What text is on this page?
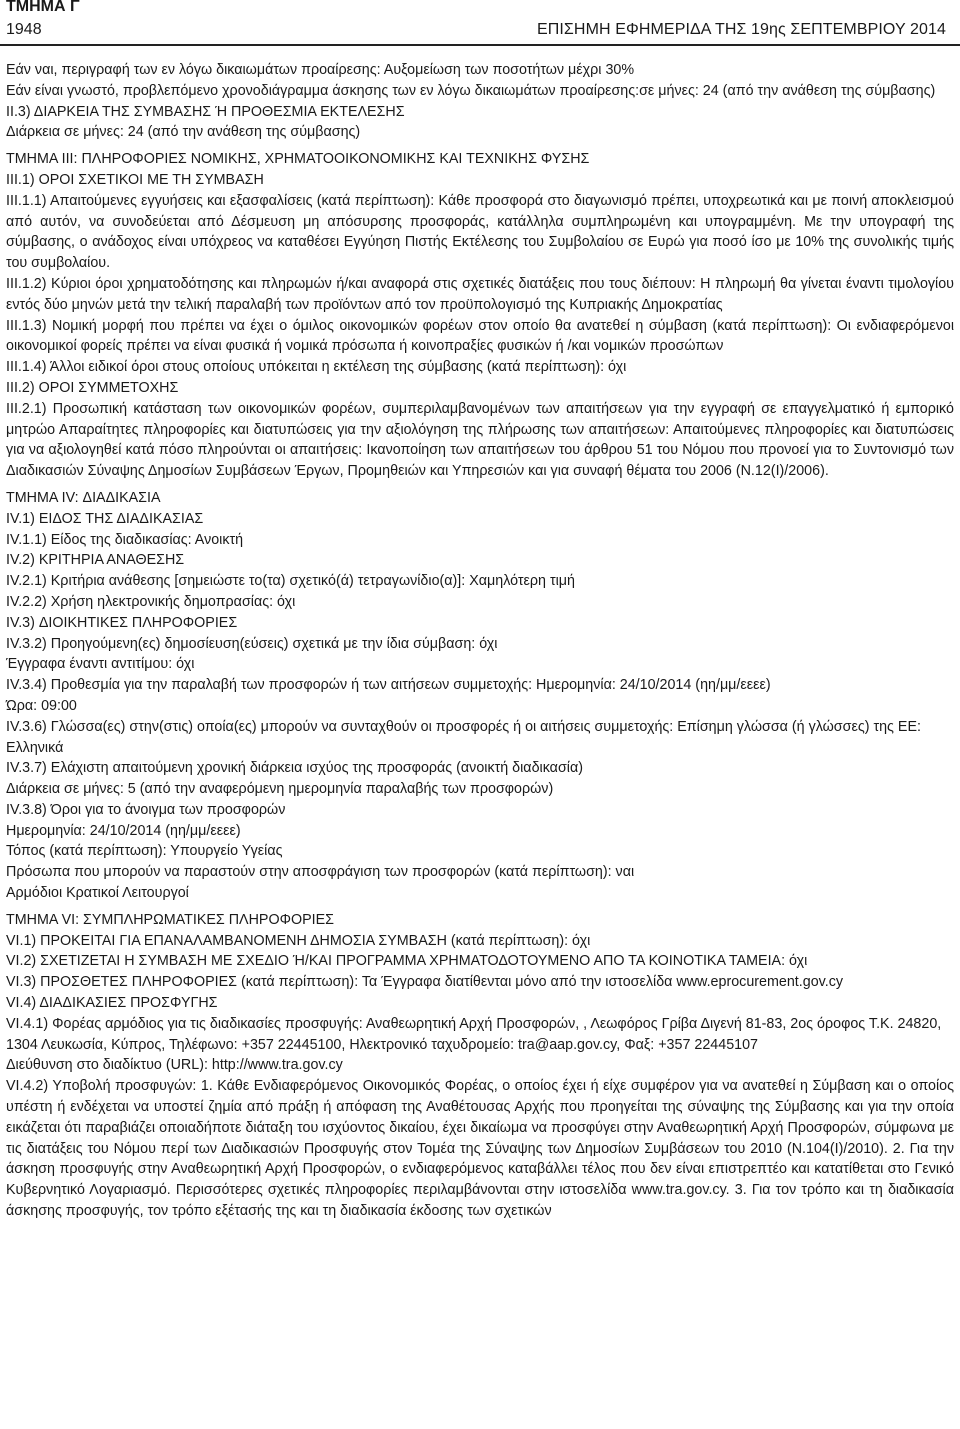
ΤΜΗΜΑ Γ
1948	ΕΠΙΣΗΜΗ ΕΦΗΜΕΡΙΔΑ ΤΗΣ 19ης ΣΕΠΤΕΜΒΡΙΟΥ 2014

Εάν ναι, περιγραφή των εν λόγω δικαιωμάτων προαίρεσης: Αυξομείωση των ποσοτήτων μέχρι 30%

Εάν είναι γνωστό, προβλεπόμενο χρονοδιάγραμμα άσκησης των εν λόγω δικαιωμάτων προαίρεσης:σε μήνες: 24 (από την ανάθεση της σύμβασης)

ΙΙ.3) ΔΙΑΡΚΕΙΑ ΤΗΣ ΣΥΜΒΑΣΗΣ Ή ΠΡΟΘΕΣΜΙΑ ΕΚΤΕΛΕΣΗΣ

Διάρκεια σε μήνες: 24 (από την ανάθεση της σύμβασης)

ΤΜΗΜΑ III: ΠΛΗΡΟΦΟΡΙΕΣ ΝΟΜΙΚΗΣ, ΧΡΗΜΑΤΟΟΙΚΟΝΟΜΙΚΗΣ ΚΑΙ ΤΕΧΝΙΚΗΣ ΦΥΣΗΣ

ΙΙΙ.1) ΟΡΟΙ ΣΧΕΤΙΚΟΙ ΜΕ ΤΗ ΣΥΜΒΑΣΗ

ΙΙΙ.1.1) Απαιτούμενες εγγυήσεις και εξασφαλίσεις (κατά περίπτωση): Κάθε προσφορά στο διαγωνισμό πρέπει, υποχρεωτικά και με ποινή αποκλεισμού από αυτόν, να συνοδεύεται από Δέσμευση μη απόσυρσης προσφοράς, κατάλληλα συμπληρωμένη και υπογραμμένη. Με την υπογραφή της σύμβασης, ο ανάδοχος είναι υπόχρεος να καταθέσει Εγγύηση Πιστής Εκτέλεσης του Συμβολαίου σε Ευρώ για ποσό ίσο με 10% της συνολικής τιμής του συμβολαίου.

ΙΙΙ.1.2) Κύριοι όροι χρηματοδότησης και πληρωμών ή/και αναφορά στις σχετικές διατάξεις που τους διέπουν: Η πληρωμή θα γίνεται έναντι τιμολογίου εντός δύο μηνών μετά την τελική παραλαβή των προϊόντων από τον προϋπολογισμό της Κυπριακής Δημοκρατίας

ΙΙΙ.1.3) Νομική μορφή που πρέπει να έχει ο όμιλος οικονομικών φορέων στον οποίο θα ανατεθεί η σύμβαση (κατά περίπτωση): Οι ενδιαφερόμενοι οικονομικοί φορείς πρέπει να είναι φυσικά ή νομικά πρόσωπα ή κοινοπραξίες φυσικών ή /και νομικών προσώπων

ΙΙΙ.1.4) Άλλοι ειδικοί όροι στους οποίους υπόκειται η εκτέλεση της σύμβασης (κατά περίπτωση): όχι

ΙΙΙ.2) ΟΡΟΙ ΣΥΜΜΕΤΟΧΗΣ

ΙΙΙ.2.1) Προσωπική κατάσταση των οικονομικών φορέων, συμπεριλαμβανομένων των απαιτήσεων για την εγγραφή σε επαγγελματικό ή εμπορικό μητρώο Απαραίτητες πληροφορίες και διατυπώσεις για την αξιολόγηση της πλήρωσης των απαιτήσεων: Απαιτούμενες πληροφορίες και διατυπώσεις για να αξιολογηθεί κατά πόσο πληρούνται οι απαιτήσεις: Ικανοποίηση των απαιτήσεων του άρθρου 51 του Νόμου που προνοεί για το Συντονισμό των Διαδικασιών Σύναψης Δημοσίων Συμβάσεων Έργων, Προμηθειών και Υπηρεσιών και για συναφή θέματα του 2006 (Ν.12(Ι)/2006).

ΤΜΗΜΑ IV: ΔΙΑΔΙΚΑΣΙΑ

ΙV.1) ΕΙΔΟΣ ΤΗΣ ΔΙΑΔΙΚΑΣΙΑΣ

ΙV.1.1) Είδος της διαδικασίας: Ανοικτή

ΙV.2) ΚΡΙΤΗΡΙΑ ΑΝΑΘΕΣΗΣ

ΙV.2.1) Κριτήρια ανάθεσης [σημειώστε το(τα) σχετικό(ά) τετραγωνίδιο(α)]: Χαμηλότερη τιμή

ΙV.2.2) Χρήση ηλεκτρονικής δημοπρασίας: όχι

ΙV.3) ΔΙΟΙΚΗΤΙΚΕΣ ΠΛΗΡΟΦΟΡΙΕΣ

ΙV.3.2) Προηγούμενη(ες) δημοσίευση(εύσεις) σχετικά με την ίδια σύμβαση: όχι

Έγγραφα έναντι αντιτίμου: όχι

ΙV.3.4) Προθεσμία για την παραλαβή των προσφορών ή των αιτήσεων συμμετοχής: Ημερομηνία: 24/10/2014 (ηη/μμ/εεεε)

Ώρα: 09:00

ΙV.3.6) Γλώσσα(ες) στην(στις) οποία(ες) μπορούν να συνταχθούν οι προσφορές ή οι αιτήσεις συμμετοχής: Επίσημη γλώσσα (ή γλώσσες) της ΕΕ:

Ελληνικά

ΙV.3.7) Ελάχιστη απαιτούμενη χρονική διάρκεια ισχύος της προσφοράς (ανοικτή διαδικασία)

Διάρκεια σε μήνες: 5 (από την αναφερόμενη ημερομηνία παραλαβής των προσφορών)

ΙV.3.8) Όροι για το άνοιγμα των προσφορών

Ημερομηνία: 24/10/2014 (ηη/μμ/εεεε)

Τόπος (κατά περίπτωση): Υπουργείο Υγείας

Πρόσωπα που μπορούν να παραστούν στην αποσφράγιση των προσφορών (κατά περίπτωση): ναι

Αρμόδιοι Κρατικοί Λειτουργοί

ΤΜΗΜΑ VΙ: ΣΥΜΠΛΗΡΩΜΑΤΙΚΕΣ ΠΛΗΡΟΦΟΡΙΕΣ

VΙ.1) ΠΡΟΚΕΙΤΑΙ ΓΙΑ ΕΠΑΝΑΛΑΜΒΑΝΟΜΕΝΗ ΔΗΜΟΣΙΑ ΣΥΜΒΑΣΗ (κατά περίπτωση): όχι

VΙ.2) ΣΧΕΤΙΖΕΤΑΙ Η ΣΥΜΒΑΣΗ ΜΕ ΣΧΕΔΙΟ Ή/ΚΑΙ ΠΡΟΓΡΑΜΜΑ ΧΡΗΜΑΤΟΔΟΤΟΥΜΕΝΟ ΑΠΟ ΤΑ ΚΟΙΝΟΤΙΚΑ ΤΑΜΕΙΑ: όχι

VΙ.3) ΠΡΟΣΘΕΤΕΣ ΠΛΗΡΟΦΟΡΙΕΣ (κατά περίπτωση): Τα Έγγραφα διατίθενται μόνο από την ιστοσελίδα www.eprocurement.gov.cy

VΙ.4) ΔΙΑΔΙΚΑΣΙΕΣ ΠΡΟΣΦΥΓΗΣ

VΙ.4.1) Φορέας αρμόδιος για τις διαδικασίες προσφυγής: Αναθεωρητική Αρχή Προσφορών, , Λεωφόρος Γρίβα Διγενή 81-83, 2ος όροφος Τ.Κ. 24820, 1304 Λευκωσία, Κύπρος, Τηλέφωνο: +357 22445100, Ηλεκτρονικό ταχυδρομείο: tra@aap.gov.cy, Φαξ: +357 22445107

Διεύθυνση στο διαδίκτυο (URL): http://www.tra.gov.cy

VΙ.4.2) Υποβολή προσφυγών: 1. Κάθε Ενδιαφερόμενος Οικονομικός Φορέας, ο οποίος έχει ή είχε συμφέρον για να ανατεθεί η Σύμβαση και ο οποίος υπέστη ή ενδέχεται να υποστεί ζημία από πράξη ή απόφαση της Αναθέτουσας Αρχής που προηγείται της σύναψης της Σύμβασης και για την οποία εικάζεται ότι παραβιάζει οποιαδήποτε διάταξη του ισχύοντος δικαίου, έχει δικαίωμα να προσφύγει στην Αναθεωρητική Αρχή Προσφορών, σύμφωνα με τις διατάξεις του Νόμου περί των Διαδικασιών Προσφυγής στον Τομέα της Σύναψης των Δημοσίων Συμβάσεων του 2010 (Ν.104(Ι)/2010). 2. Για την άσκηση προσφυγής στην Αναθεωρητική Αρχή Προσφορών, ο ενδιαφερόμενος καταβάλλει τέλος που δεν είναι επιστρεπτέο και κατατίθεται στο Γενικό Κυβερνητικό Λογαριασμό. Περισσότερες σχετικές πληροφορίες περιλαμβάνονται στην ιστοσελίδα www.tra.gov.cy. 3. Για τον τρόπο και τη διαδικασία άσκησης προσφυγής, τον τρόπο εξέτασής της και τη διαδικασία έκδοσης των σχετικών
